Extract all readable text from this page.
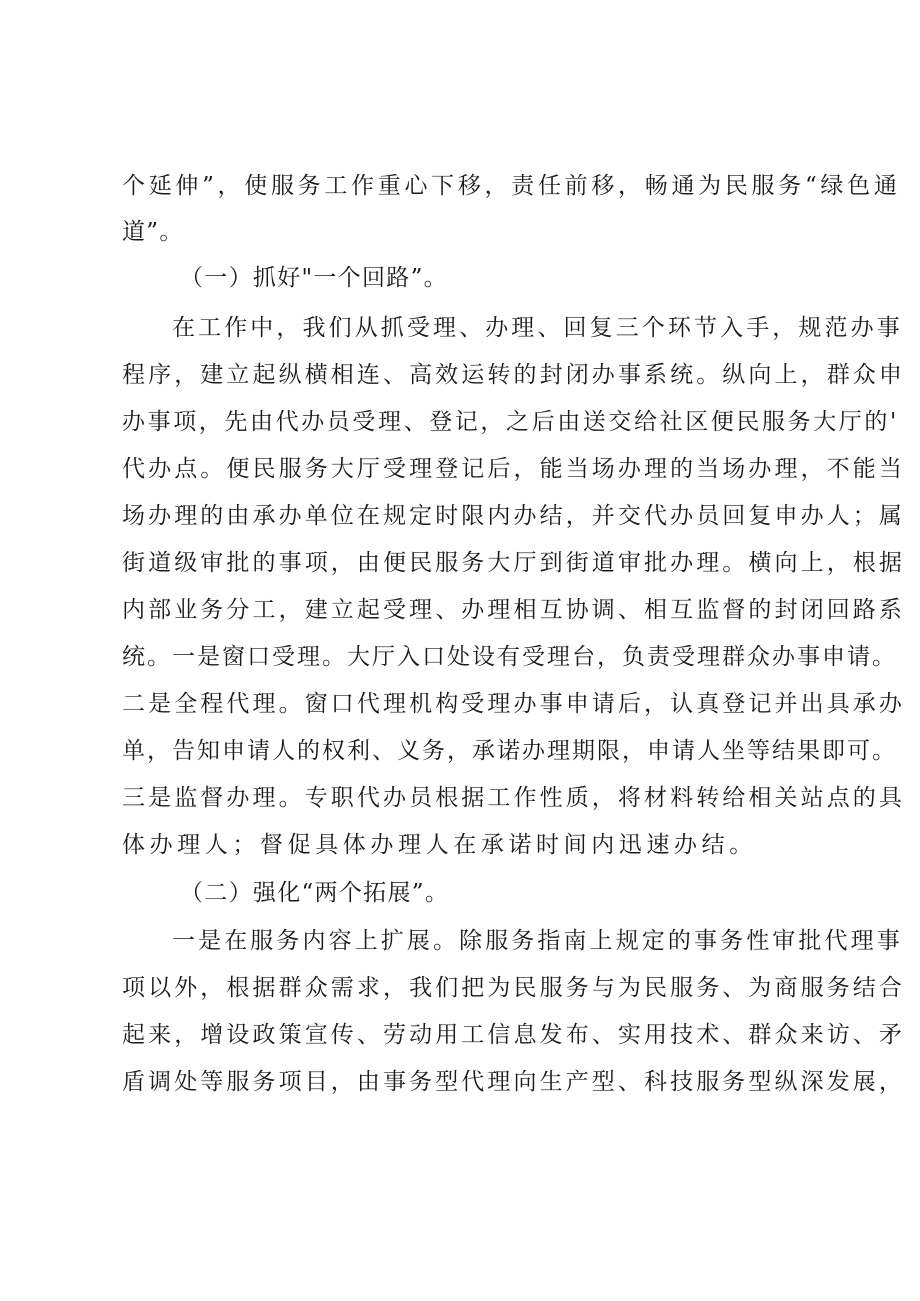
个延伸”，使服务工作重心下移，责任前移，畅通为民服务“绿色通
道”。
（一）抓好"一个回路”。
在工作中，我们从抓受理、办理、回复三个环节入手，规范办事
程序，建立起纵横相连、高效运转的封闭办事系统。纵向上，群众申
办事项，先由代办员受理、登记，之后由送交给社区便民服务大厅的'
代办点。便民服务大厅受理登记后，能当场办理的当场办理，不能当
场办理的由承办单位在规定时限内办结，并交代办员回复申办人；属
街道级审批的事项，由便民服务大厅到街道审批办理。横向上，根据
内部业务分工，建立起受理、办理相互协调、相互监督的封闭回路系
统。一是窗口受理。大厅入口处设有受理台，负责受理群众办事申请。
二是全程代理。窗口代理机构受理办事申请后，认真登记并出具承办
单，告知申请人的权利、义务，承诺办理期限，申请人坐等结果即可。
三是监督办理。专职代办员根据工作性质，将材料转给相关站点的具
体办理人；督促具体办理人在承诺时间内迅速办结。
（二）强化“两个拓展”。
一是在服务内容上扩展。除服务指南上规定的事务性审批代理事
项以外，根据群众需求，我们把为民服务与为民服务、为商服务结合
起来，增设政策宣传、劳动用工信息发布、实用技术、群众来访、矛
盾调处等服务项目，由事务型代理向生产型、科技服务型纵深发展，
